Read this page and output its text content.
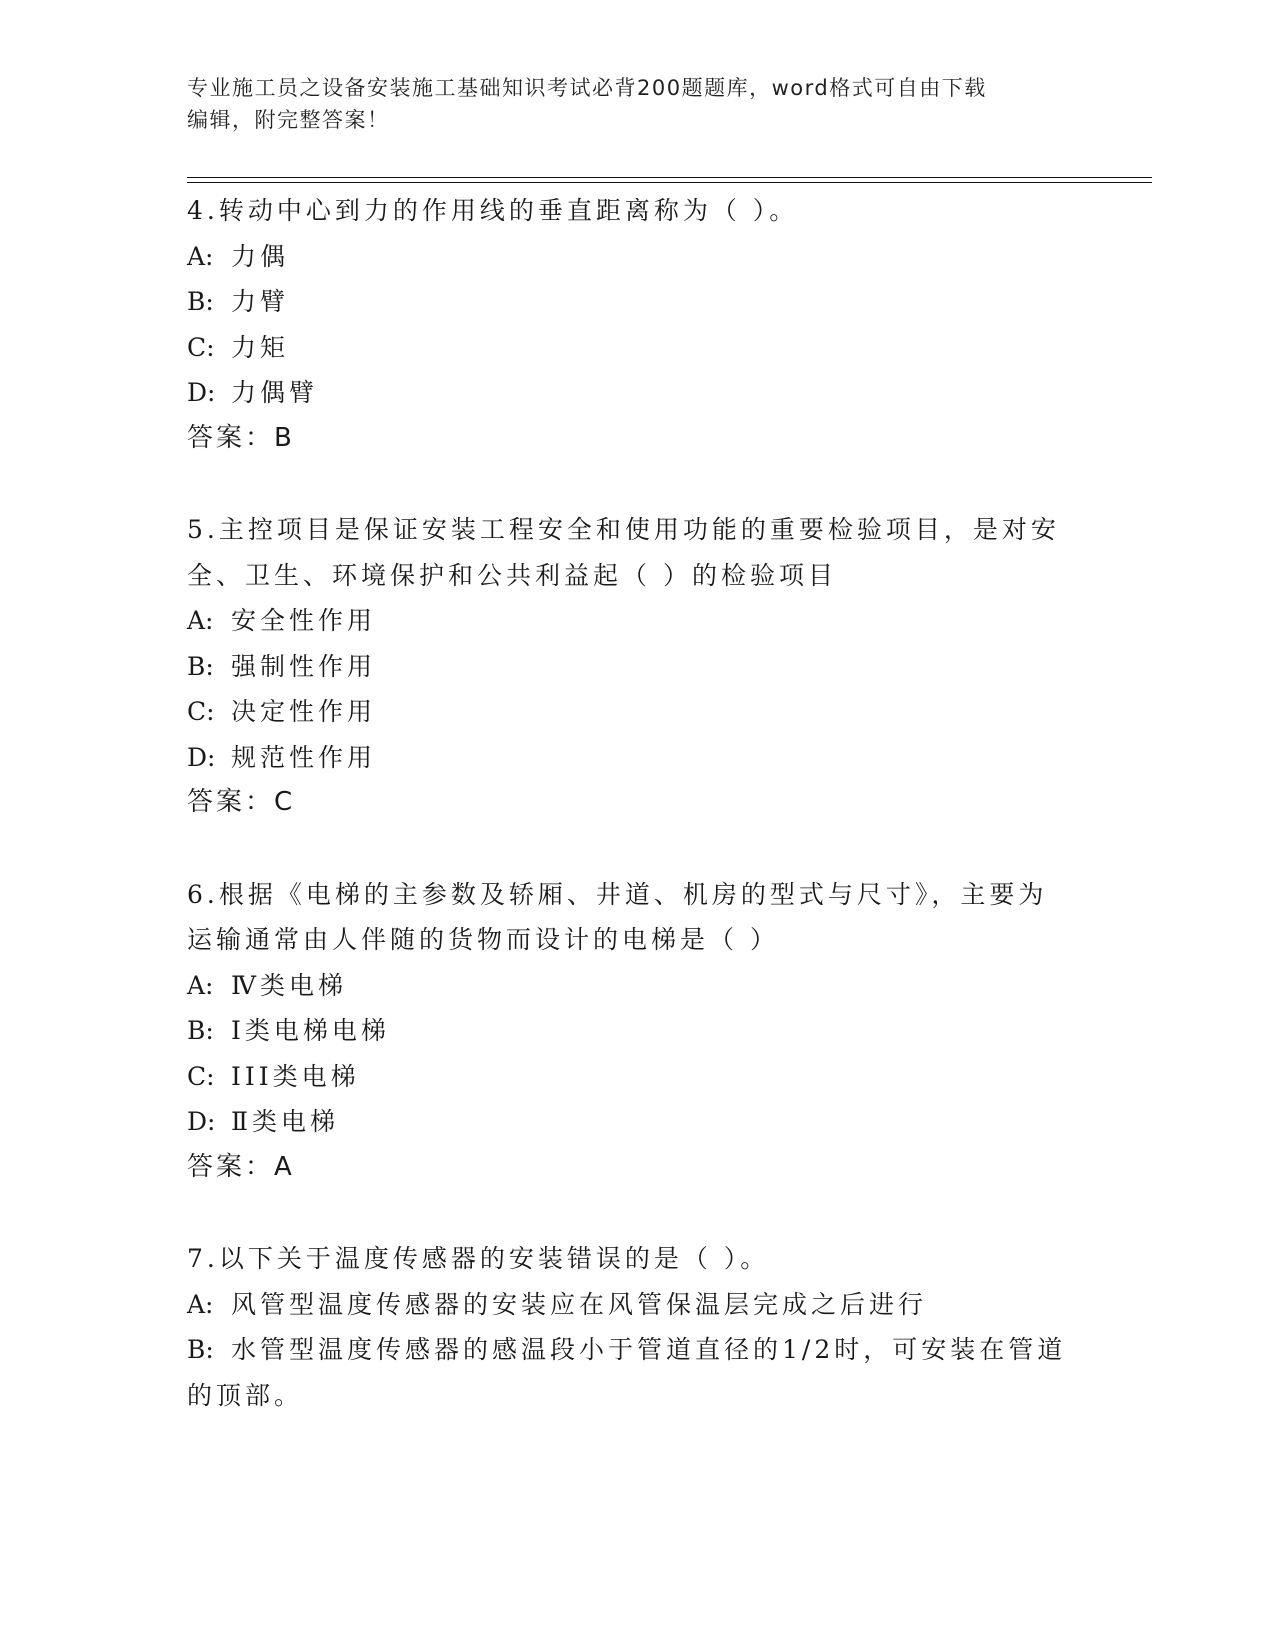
专业施工员之设备安装施工基础知识考试必背200题题库，word格式可自由下载
编辑，附完整答案！

4.转动中心到力的作用线的垂直距离称为（ ）。

A: 力偶

B: 力臂

C: 力矩

D: 力偶臂

答案：B

5.主控项目是保证安装工程安全和使用功能的重要检验项目，是对安全、卫生、环境保护和公共利益起（ ）的检验项目

A: 安全性作用

B: 强制性作用

C: 决定性作用

D: 规范性作用

答案：C

6.根据《电梯的主参数及轿厢、井道、机房的型式与尺寸》，主要为运输通常由人伴随的货物而设计的电梯是（ ）

A: Ⅳ类电梯

B: Ⅰ类电梯电梯

C: III类电梯

D: Ⅱ类电梯

答案：A

7.以下关于温度传感器的安装错误的是（ ）。

A: 风管型温度传感器的安装应在风管保温层完成之后进行

B: 水管型温度传感器的感温段小于管道直径的1/2时，可安装在管道的顶部。
